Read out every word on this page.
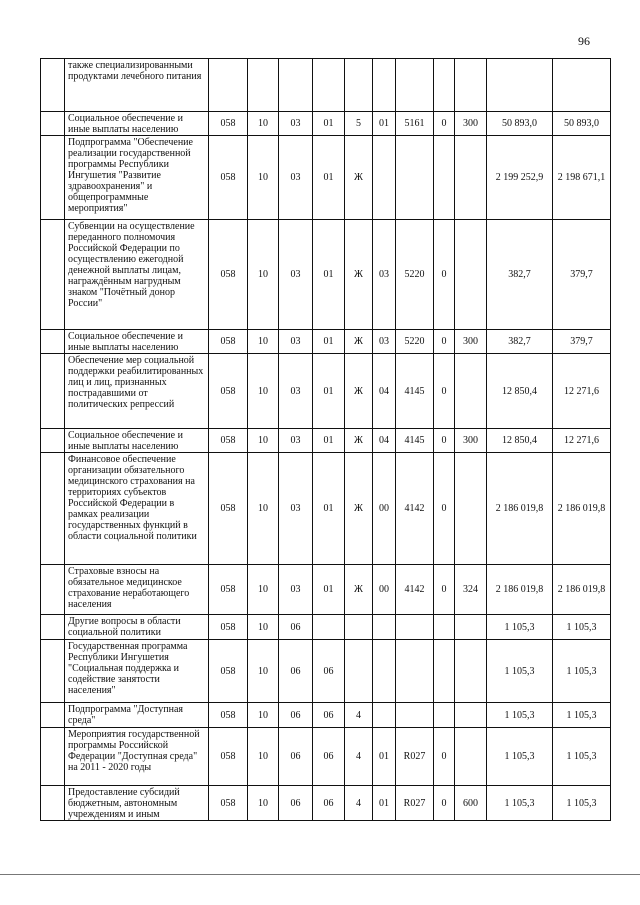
96
	также специализированными продуктами лечебного питания											
	Социальное обеспечение и иные выплаты населению	058	10	03	01	5	01	5161	0	300	50 893,0	50 893,0
	Подпрограмма "Обеспечение реализации государственной программы Республики Ингушетия "Развитие здравоохранения" и общепрограммные мероприятия"	058	10	03	01	Ж					2 199 252,9	2 198 671,1
	Субвенции на осуществление переданного полномочия Российской Федерации по осуществлению ежегодной денежной выплаты лицам, награждённым нагрудным знаком "Почётный донор России"	058	10	03	01	Ж	03	5220	0		382,7	379,7
	Социальное обеспечение и иные выплаты населению	058	10	03	01	Ж	03	5220	0	300	382,7	379,7
	Обеспечение мер социальной поддержки реабилитированных лиц и лиц, признанных пострадавшими от политических репрессий	058	10	03	01	Ж	04	4145	0		12 850,4	12 271,6
	Социальное обеспечение и иные выплаты населению	058	10	03	01	Ж	04	4145	0	300	12 850,4	12 271,6
	Финансовое обеспечение организации обязательного медицинского страхования на территориях субъектов Российской Федерации в рамках реализации государственных функций в области социальной политики	058	10	03	01	Ж	00	4142	0		2 186 019,8	2 186 019,8
	Страховые взносы на обязательное медицинское страхование неработающего населения	058	10	03	01	Ж	00	4142	0	324	2 186 019,8	2 186 019,8
	Другие вопросы в области социальной политики	058	10	06							1 105,3	1 105,3
	Государственная программа Республики Ингушетия "Социальная поддержка и содействие занятости населения"	058	10	06	06						1 105,3	1 105,3
	Подпрограмма "Доступная среда"	058	10	06	06	4					1 105,3	1 105,3
	Мероприятия государственной программы Российской Федерации "Доступная среда" на 2011 - 2020 годы	058	10	06	06	4	01	R027	0		1 105,3	1 105,3
	Предоставление субсидий бюджетным, автономным учреждениям и иным	058	10	06	06	4	01	R027	0	600	1 105,3	1 105,3
